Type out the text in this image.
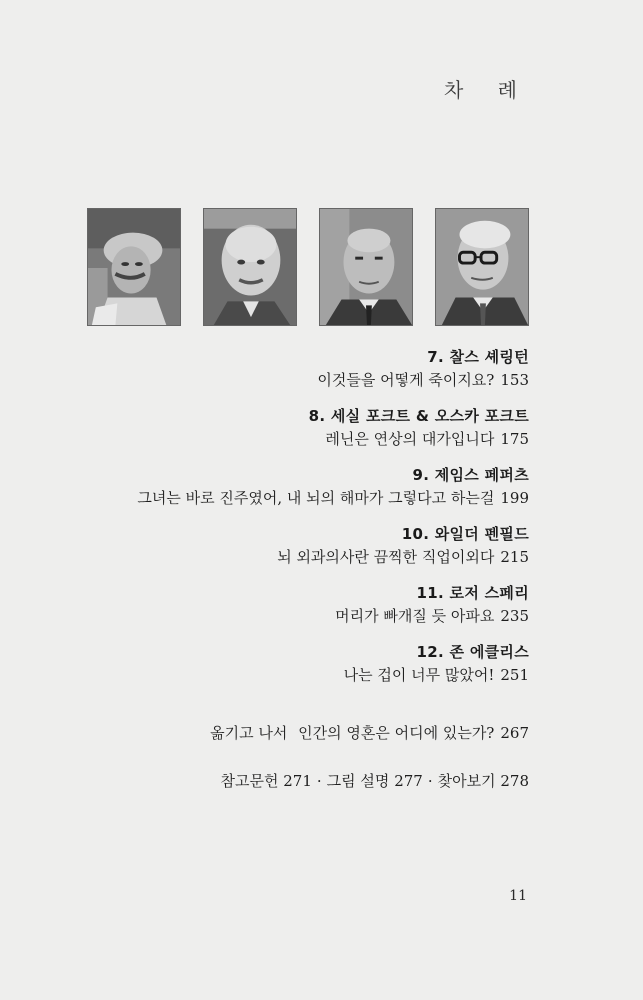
차 례
7. 찰스 셰링턴
이것들을 어떻게 죽이지요? 153
8. 세실 포크트 & 오스카 포크트
레닌은 연상의 대가입니다 175
9. 제임스 페퍼츠
그녀는 바로 진주였어, 내 뇌의 해마가 그렇다고 하는걸 199
10. 와일더 펜필드
뇌 외과의사란 끔찍한 직업이외다 215
11. 로저 스페리
머리가 빠개질 듯 아파요 235
12. 존 에클리스
나는 겁이 너무 많았어! 251
옮기고 나서 인간의 영혼은 어디에 있는가? 267
참고문헌 271 · 그림 설명 277 · 찾아보기 278
11
